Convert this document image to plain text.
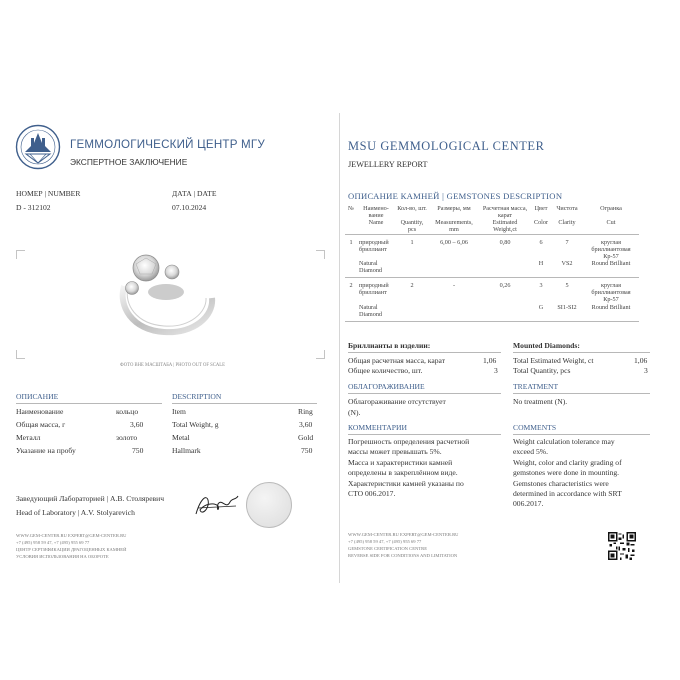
ГЕММОЛОГИЧЕСКИЙ ЦЕНТР МГУ
ЭКСПЕРТНОЕ ЗАКЛЮЧЕНИЕ
НОМЕР | NUMBER
D - 312102
ДАТА | DATE
07.10.2024
ФОТО ВНЕ МАСШТАБА | PHOTO OUT OF SCALE
ОПИСАНИЕ	DESCRIPTION
Наименование	кольцо	Item	Ring
Общая масса, г	3,60	Total Weight, g	3,60
Металл	золото	Metal	Gold
Указание на пробу	750	Hallmark	750
Заведующий Лабораторией | А.В. Столяревич
Head of Laboratory | A.V. Stolyarevich
WWW.GEM-CENTER.RU EXPERT@GEM-CENTER.RU
+7 (495) 958 59 47, +7 (495) 955 69 77
ЦЕНТР СЕРТИФИКАЦИИ ДРАГОЦЕННЫХ КАМНЕЙ
УСЛОВИЯ ИСПОЛЬЗОВАНИЯ НА ОБОРОТЕ
MSU GEMMOLOGICAL CENTER
JEWELLERY REPORT
ОПИСАНИЕ КАМНЕЙ | GEMSTONES DESCRIPTION
№	Наимено-вание	Кол-во, шт.	Размеры, мм	Расчетная масса, карат	Цвет	Чистота	Огранка
	Name	Quantity, pcs	Measurements, mm	Estimated Weight,ct	Color	Clarity	Cut
1	природный бриллиант	1	6,00 – 6,06	0,80	6	7	круглая бриллиантовая Кр-57
	Natural Diamond				H	VS2	Round Brilliant
2	природный бриллиант	2	-	0,26	3	5	круглая бриллиантовая Кр-57
	Natural Diamond				G	SI1-SI2	Round Brilliant
Бриллианты в изделии:	Mounted Diamonds:
Общая расчетная масса, карат	1,06
Общее количество, шт.	3
Total Estimated Weight, ct	1,06
Total Quantity, pcs	3
ОБЛАГОРАЖИВАНИЕ	TREATMENT
Облагораживание отсутствует
(N).
No treatment (N).
КОММЕНТАРИИ	COMMENTS
Погрешность определения расчетной
массы может превышать 5%.
Масса и характеристики камней
определены в закреплённом виде.
Характеристики камней указаны по
СТО 006.2017.
Weight calculation tolerance may
exceed 5%.
Weight, color and clarity grading of
gemstones were done in mounting.
Gemstones characteristics were
determined in accordance with SRT
006.2017.
WWW.GEM-CENTER.RU EXPERT@GEM-CENTER.RU
+7 (495) 958 59 47, +7 (495) 955 69 77
GEMSTONE CERTIFICATION CENTRE
REVERSE SIDE FOR CONDITIONS AND LIMITATION
